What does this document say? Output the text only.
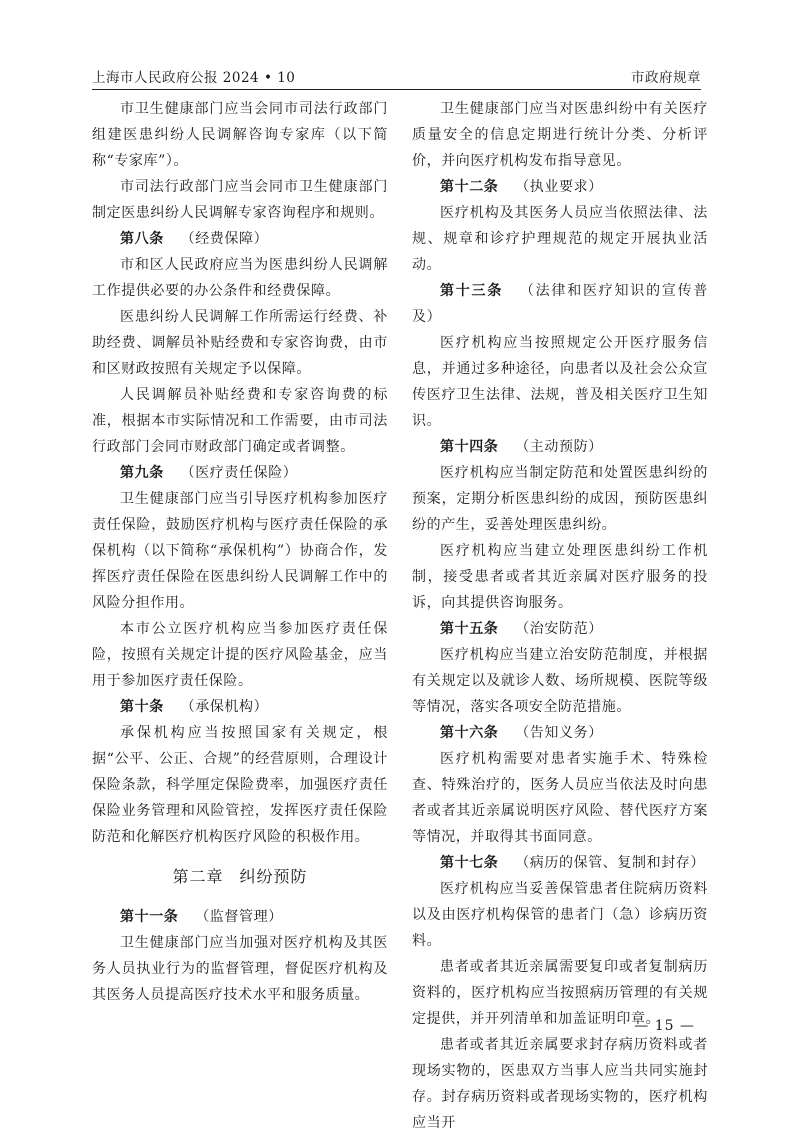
上海市人民政府公报 2024 • 10	市政府规章

市卫生健康部门应当会同市司法行政部门组建医患纠纷人民调解咨询专家库（以下简称“专家库”）。

市司法行政部门应当会同市卫生健康部门制定医患纠纷人民调解专家咨询程序和规则。

第八条 （经费保障）

市和区人民政府应当为医患纠纷人民调解工作提供必要的办公条件和经费保障。

医患纠纷人民调解工作所需运行经费、补助经费、调解员补贴经费和专家咨询费，由市和区财政按照有关规定予以保障。

人民调解员补贴经费和专家咨询费的标准，根据本市实际情况和工作需要，由市司法行政部门会同市财政部门确定或者调整。

第九条 （医疗责任保险）

卫生健康部门应当引导医疗机构参加医疗责任保险，鼓励医疗机构与医疗责任保险的承保机构（以下简称“承保机构”）协商合作，发挥医疗责任保险在医患纠纷人民调解工作中的风险分担作用。

本市公立医疗机构应当参加医疗责任保险，按照有关规定计提的医疗风险基金，应当用于参加医疗责任保险。

第十条 （承保机构）

承保机构应当按照国家有关规定，根据“公平、公正、合规”的经营原则，合理设计保险条款，科学厘定保险费率，加强医疗责任保险业务管理和风险管控，发挥医疗责任保险防范和化解医疗机构医疗风险的积极作用。

第二章 纠纷预防

第十一条 （监督管理）

卫生健康部门应当加强对医疗机构及其医务人员执业行为的监督管理，督促医疗机构及其医务人员提高医疗技术水平和服务质量。

卫生健康部门应当对医患纠纷中有关医疗质量安全的信息定期进行统计分类、分析评价，并向医疗机构发布指导意见。

第十二条 （执业要求）

医疗机构及其医务人员应当依照法律、法规、规章和诊疗护理规范的规定开展执业活动。

第十三条 （法律和医疗知识的宣传普及）

医疗机构应当按照规定公开医疗服务信息，并通过多种途径，向患者以及社会公众宣传医疗卫生法律、法规，普及相关医疗卫生知识。

第十四条 （主动预防）

医疗机构应当制定防范和处置医患纠纷的预案，定期分析医患纠纷的成因，预防医患纠纷的产生，妥善处理医患纠纷。

医疗机构应当建立处理医患纠纷工作机制，接受患者或者其近亲属对医疗服务的投诉，向其提供咨询服务。

第十五条 （治安防范）

医疗机构应当建立治安防范制度，并根据有关规定以及就诊人数、场所规模、医院等级等情况，落实各项安全防范措施。

第十六条 （告知义务）

医疗机构需要对患者实施手术、特殊检查、特殊治疗的，医务人员应当依法及时向患者或者其近亲属说明医疗风险、替代医疗方案等情况，并取得其书面同意。

第十七条 （病历的保管、复制和封存）

医疗机构应当妥善保管患者住院病历资料以及由医疗机构保管的患者门（急）诊病历资料。

患者或者其近亲属需要复印或者复制病历资料的，医疗机构应当按照病历管理的有关规定提供，并开列清单和加盖证明印章。

患者或者其近亲属要求封存病历资料或者现场实物的，医患双方当事人应当共同实施封存。封存病历资料或者现场实物的，医疗机构应当开

— 15 —
